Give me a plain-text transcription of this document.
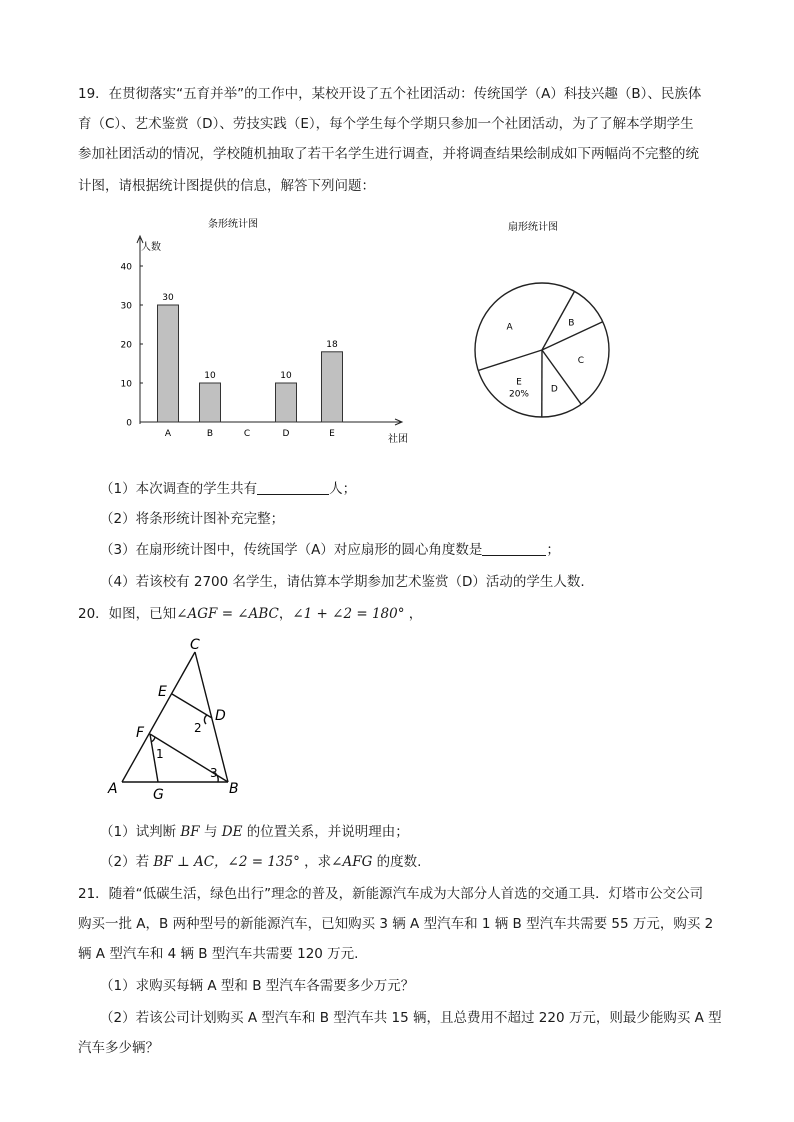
19．在贯彻落实“五育并举”的工作中，某校开设了五个社团活动：传统国学（A）科技兴趣（B）、民族体
育（C）、艺术鉴赏（D）、劳技实践（E），每个学生每个学期只参加一个社团活动，为了了解本学期学生
参加社团活动的情况，学校随机抽取了若干名学生进行调查，并将调查结果绘制成如下两幅尚不完整的统
计图，请根据统计图提供的信息，解答下列问题：
条形统计图
0
10
20
30
40
A	B	C	D	E
30
10	10
18
人数
社团
扇形统计图
B
C
D
E
20%
A
（1）本次调查的学生共有	人；
（2）将条形统计图补充完整；
（3）在扇形统计图中，传统国学（A）对应扇形的圆心角度数是	；
（4）若该校有 2700 名学生，请估算本学期参加艺术鉴赏（D）活动的学生人数.
20．如图，已知∠AGF = ∠ABC，∠1 + ∠2 = 180° ，
C
E
D
F
A	G	B
1
2
3
（1）试判断 BF 与 DE 的位置关系，并说明理由；
（2）若 BF ⊥ AC，∠2 = 135° ，求∠AFG 的度数.
21．随着“低碳生活，绿色出行”理念的普及，新能源汽车成为大部分人首选的交通工具．灯塔市公交公司
购买一批 A，B 两种型号的新能源汽车，已知购买 3 辆 A 型汽车和 1 辆 B 型汽车共需要 55 万元，购买 2
辆 A 型汽车和 4 辆 B 型汽车共需要 120 万元.
（1）求购买每辆 A 型和 B 型汽车各需要多少万元？
（2）若该公司计划购买 A 型汽车和 B 型汽车共 15 辆，且总费用不超过 220 万元，则最少能购买 A 型
汽车多少辆？
